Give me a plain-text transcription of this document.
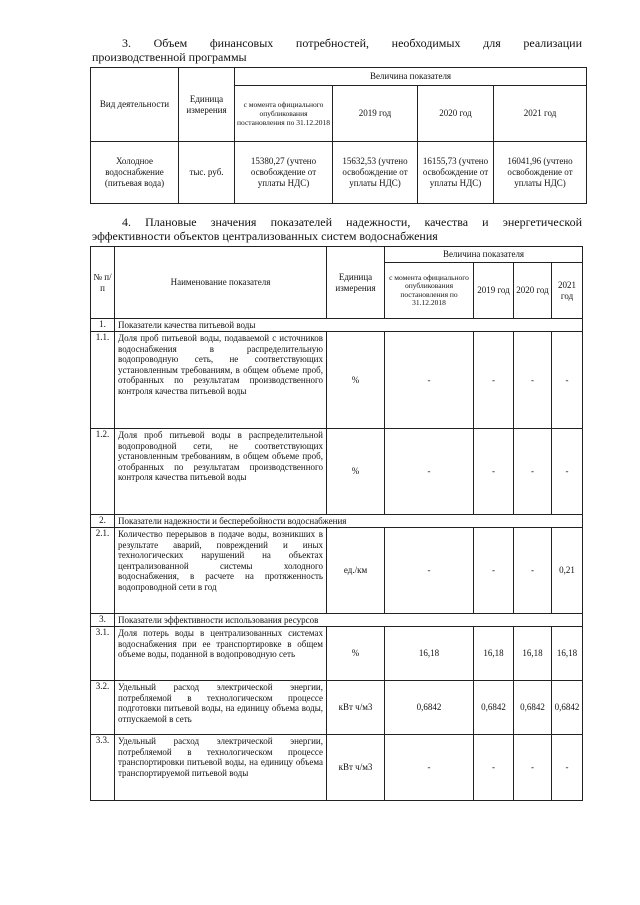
3. Объем финансовых потребностей, необходимых для реализации
производственной программы
Вид деятельности	Единица измерения	Величина показателя			
		с момента официального опубликования постановления по 31.12.2018	2019 год	2020 год	2021 год
Холодное водоснабжение (питьевая вода)	тыс. руб.	15380,27 (учтено освобождение от уплаты НДС)	15632,53 (учтено освобождение от уплаты НДС)	16155,73 (учтено освобождение от уплаты НДС)	16041,96 (учтено освобождение от уплаты НДС)
4. Плановые значения показателей надежности, качества и энергетической
эффективности объектов централизованных систем водоснабжения
№ п/п	Наименование показателя	Единица измерения	Величина показателя			
			с момента официального опубликования постановления по 31.12.2018	2019 год	2020 год	2021 год
1.	Показатели качества питьевой воды					
1.1.	Доля проб питьевой воды, подаваемой с источников водоснабжения в распределительную водопроводную сеть, не соответствующих установленным требованиям, в общем объеме проб, отобранных по результатам производственного контроля качества питьевой воды	%	-	-	-	-
1.2.	Доля проб питьевой воды в распределительной водопроводной сети, не соответствующих установленным требованиям, в общем объеме проб, отобранных по результатам производственного контроля качества питьевой воды	%	-	-	-	-
2.	Показатели надежности и бесперебойности водоснабжения					
2.1.	Количество перерывов в подаче воды, возникших в результате аварий, повреждений и иных технологических нарушений на объектах централизованной системы холодного водоснабжения, в расчете на протяженность водопроводной сети в год	ед./км	-	-	-	0,21
3.	Показатели эффективности использования ресурсов					
3.1.	Доля потерь воды в централизованных системах водоснабжения при ее транспортировке в общем объеме воды, поданной в водопроводную сеть	%	16,18	16,18	16,18	16,18
3.2.	Удельный расход электрической энергии, потребляемой в технологическом процессе подготовки питьевой воды, на единицу объема воды, отпускаемой в сеть	кВт ч/м3	0,6842	0,6842	0,6842	0,6842
3.3.	Удельный расход электрической энергии, потребляемой в технологическом процессе транспортировки питьевой воды, на единицу объема транспортируемой питьевой воды	кВт ч/м3	-	-	-	-
